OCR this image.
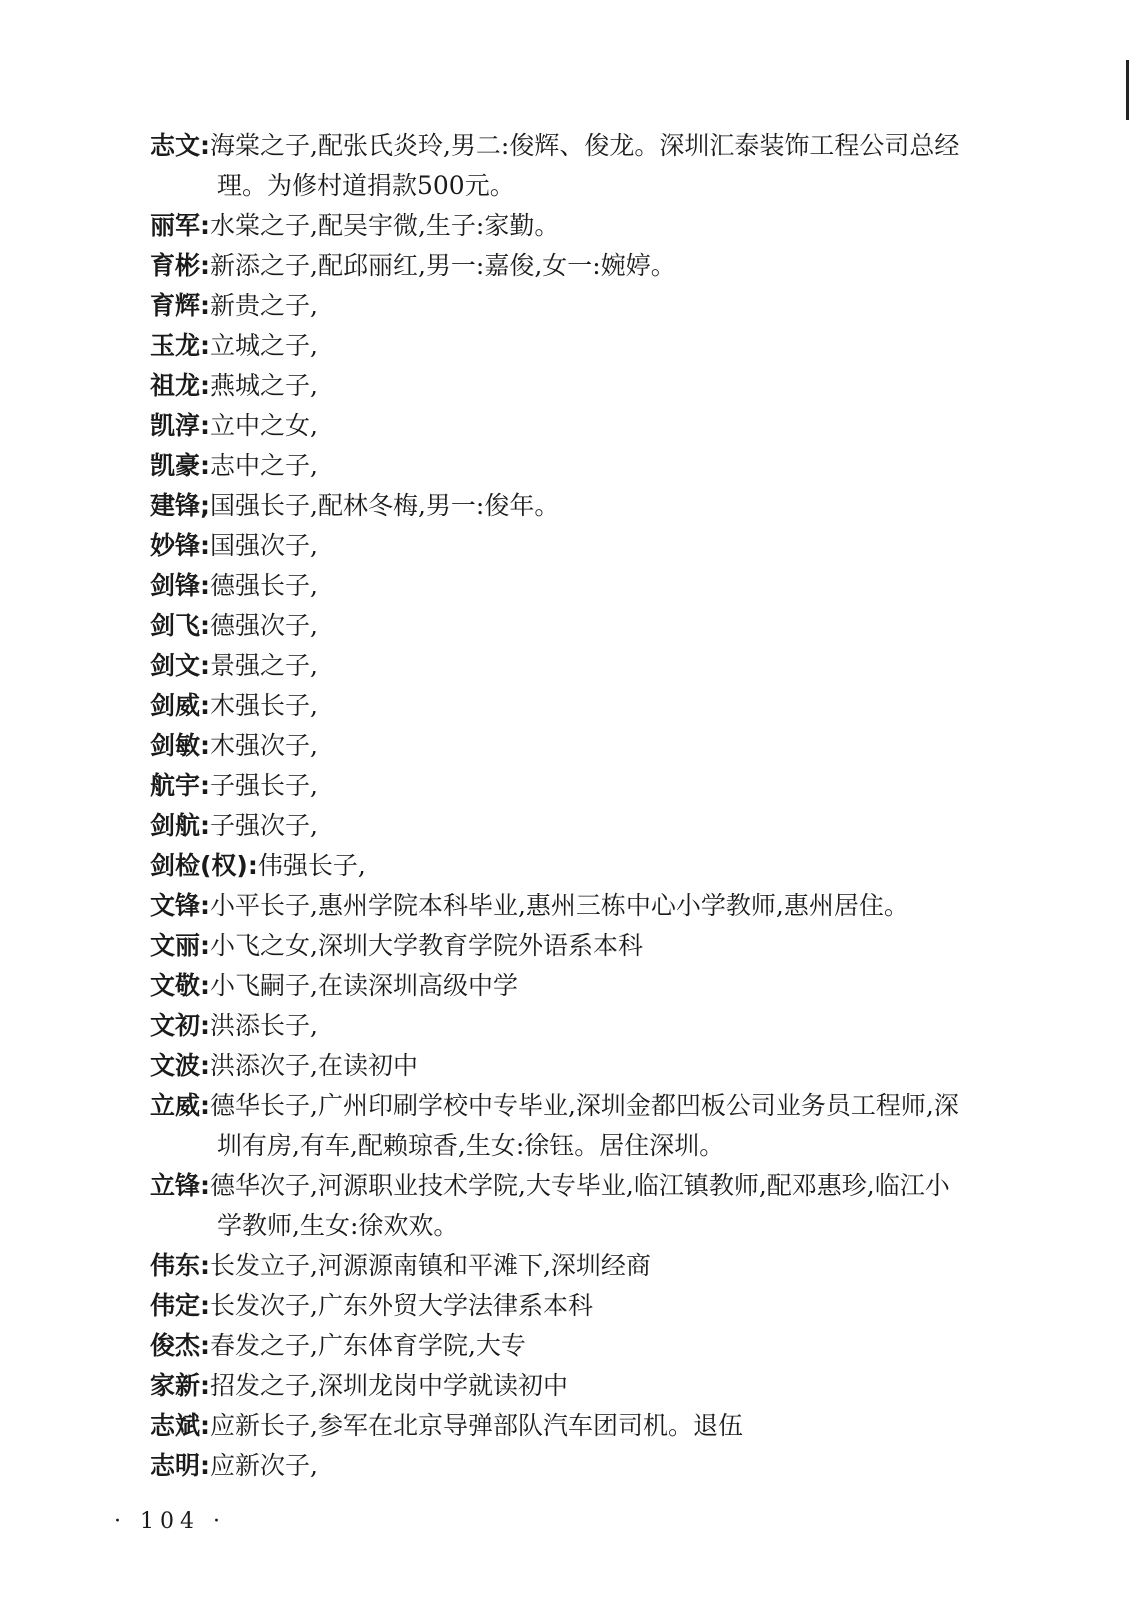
志文:海棠之子,配张氏炎玲,男二:俊辉、俊龙。深圳汇泰装饰工程公司总经
理。为修村道捐款500元。
丽军:水棠之子,配吴宇微,生子:家勤。
育彬:新添之子,配邱丽红,男一:嘉俊,女一:婉婷。
育辉:新贵之子,
玉龙:立城之子,
祖龙:燕城之子,
凯淳:立中之女,
凯豪:志中之子,
建锋;国强长子,配林冬梅,男一:俊年。
妙锋:国强次子,
剑锋:德强长子,
剑飞:德强次子,
剑文:景强之子,
剑威:木强长子,
剑敏:木强次子,
航宇:子强长子,
剑航:子强次子,
剑检(权):伟强长子,
文锋:小平长子,惠州学院本科毕业,惠州三栋中心小学教师,惠州居住。
文丽:小飞之女,深圳大学教育学院外语系本科
文敬:小飞嗣子,在读深圳高级中学
文初:洪添长子,
文波:洪添次子,在读初中
立威:德华长子,广州印刷学校中专毕业,深圳金都凹板公司业务员工程师,深
圳有房,有车,配赖琼香,生女:徐钰。居住深圳。
立锋:德华次子,河源职业技术学院,大专毕业,临江镇教师,配邓惠珍,临江小
学教师,生女:徐欢欢。
伟东:长发立子,河源源南镇和平滩下,深圳经商
伟定:长发次子,广东外贸大学法律系本科
俊杰:春发之子,广东体育学院,大专
家新:招发之子,深圳龙岗中学就读初中
志斌:应新长子,参军在北京导弹部队汽车团司机。退伍
志明:应新次子,
· 104 ·
